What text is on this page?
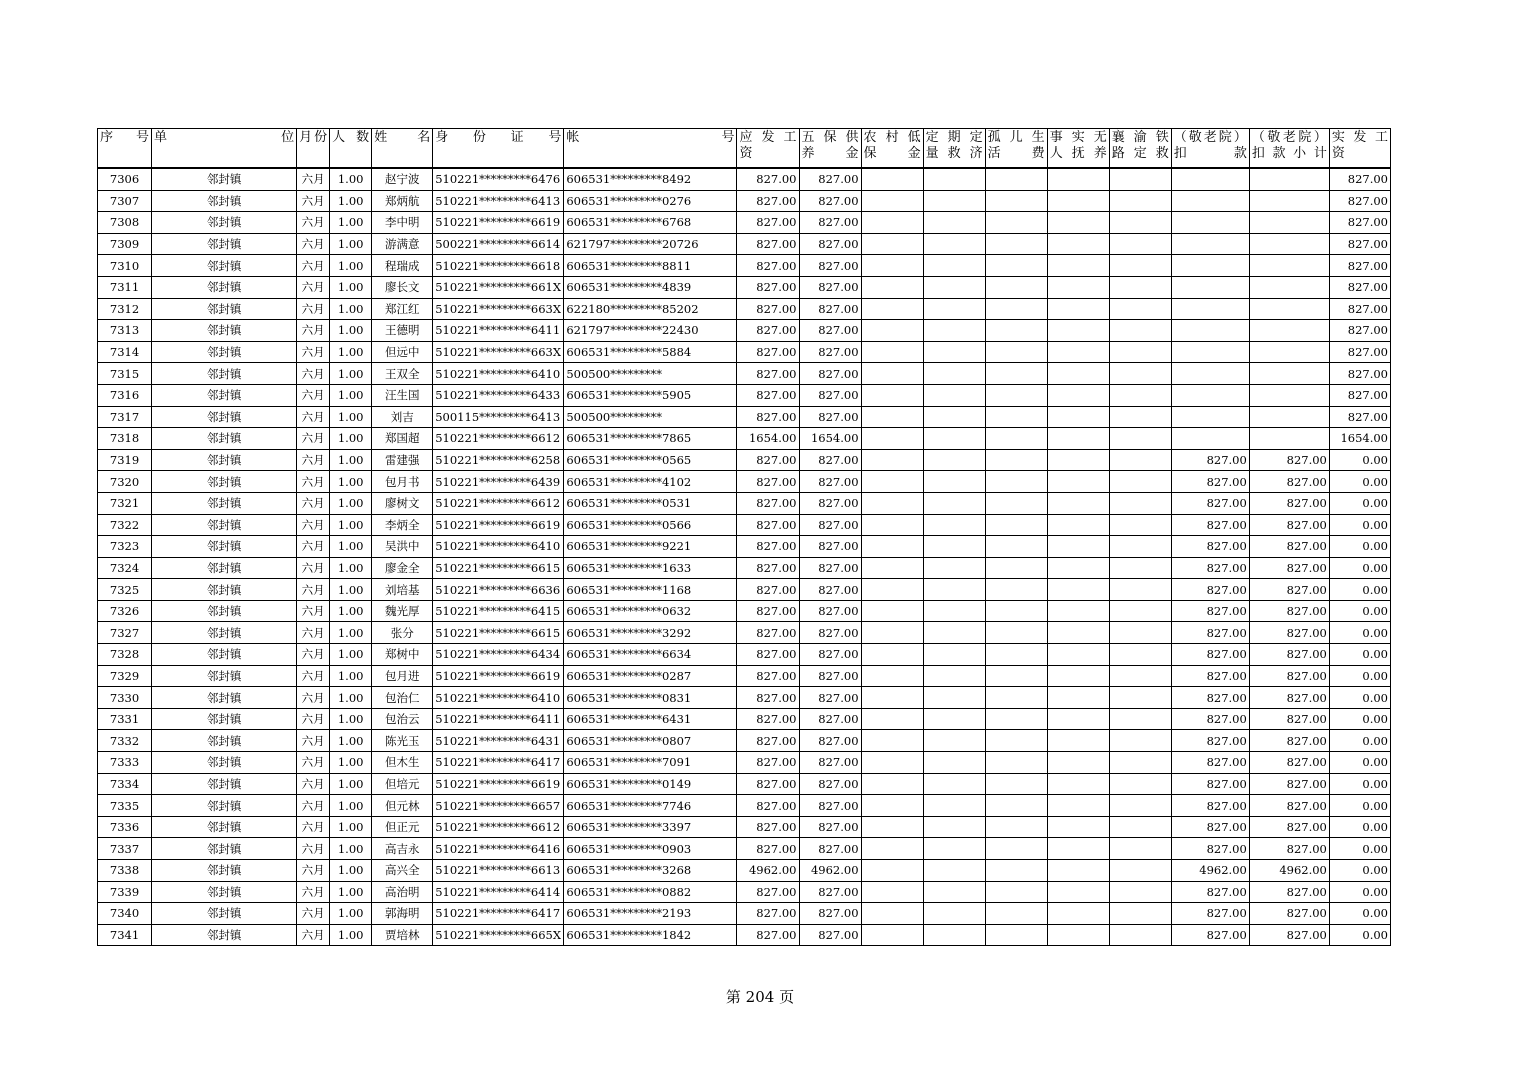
序　号	单　　　　位	月份	人 数	姓　名	身　份　证　号	帐　　　　号	应 发 工 资	五 保 供 养 金	农 村 低 保 金	定 期 定 量 救 济	孤 儿 生 活 费	事 实 无 人 抚 养	襄 渝 铁 路 定 救	（敬老院） 扣 款	（敬老院） 扣 款 小 计	实 发 工 资

7306	邻封镇	六月	1.00	赵宁波	510221*********6476	606531*********8492	827.00	827.00								827.00
7307	邻封镇	六月	1.00	郑炳航	510221*********6413	606531*********0276	827.00	827.00								827.00
7308	邻封镇	六月	1.00	李中明	510221*********6619	606531*********6768	827.00	827.00								827.00
7309	邻封镇	六月	1.00	游满意	500221*********6614	621797*********20726	827.00	827.00								827.00
7310	邻封镇	六月	1.00	程瑞成	510221*********6618	606531*********8811	827.00	827.00								827.00
7311	邻封镇	六月	1.00	廖长文	510221*********661X	606531*********4839	827.00	827.00								827.00
7312	邻封镇	六月	1.00	郑江红	510221*********663X	622180*********85202	827.00	827.00								827.00
7313	邻封镇	六月	1.00	王德明	510221*********6411	621797*********22430	827.00	827.00								827.00
7314	邻封镇	六月	1.00	但远中	510221*********663X	606531*********5884	827.00	827.00								827.00
7315	邻封镇	六月	1.00	王双全	510221*********6410	500500*********	827.00	827.00								827.00
7316	邻封镇	六月	1.00	汪生国	510221*********6433	606531*********5905	827.00	827.00								827.00
7317	邻封镇	六月	1.00	刘吉	500115*********6413	500500*********	827.00	827.00								827.00
7318	邻封镇	六月	1.00	郑国超	510221*********6612	606531*********7865	1654.00	1654.00								1654.00
7319	邻封镇	六月	1.00	雷建强	510221*********6258	606531*********0565	827.00	827.00						827.00	827.00	0.00
7320	邻封镇	六月	1.00	包月书	510221*********6439	606531*********4102	827.00	827.00						827.00	827.00	0.00
7321	邻封镇	六月	1.00	廖树文	510221*********6612	606531*********0531	827.00	827.00						827.00	827.00	0.00
7322	邻封镇	六月	1.00	李炳全	510221*********6619	606531*********0566	827.00	827.00						827.00	827.00	0.00
7323	邻封镇	六月	1.00	吴洪中	510221*********6410	606531*********9221	827.00	827.00						827.00	827.00	0.00
7324	邻封镇	六月	1.00	廖金全	510221*********6615	606531*********1633	827.00	827.00						827.00	827.00	0.00
7325	邻封镇	六月	1.00	刘培基	510221*********6636	606531*********1168	827.00	827.00						827.00	827.00	0.00
7326	邻封镇	六月	1.00	魏光厚	510221*********6415	606531*********0632	827.00	827.00						827.00	827.00	0.00
7327	邻封镇	六月	1.00	张分	510221*********6615	606531*********3292	827.00	827.00						827.00	827.00	0.00
7328	邻封镇	六月	1.00	郑树中	510221*********6434	606531*********6634	827.00	827.00						827.00	827.00	0.00
7329	邻封镇	六月	1.00	包月进	510221*********6619	606531*********0287	827.00	827.00						827.00	827.00	0.00
7330	邻封镇	六月	1.00	包治仁	510221*********6410	606531*********0831	827.00	827.00						827.00	827.00	0.00
7331	邻封镇	六月	1.00	包治云	510221*********6411	606531*********6431	827.00	827.00						827.00	827.00	0.00
7332	邻封镇	六月	1.00	陈光玉	510221*********6431	606531*********0807	827.00	827.00						827.00	827.00	0.00
7333	邻封镇	六月	1.00	但木生	510221*********6417	606531*********7091	827.00	827.00						827.00	827.00	0.00
7334	邻封镇	六月	1.00	但培元	510221*********6619	606531*********0149	827.00	827.00						827.00	827.00	0.00
7335	邻封镇	六月	1.00	但元林	510221*********6657	606531*********7746	827.00	827.00						827.00	827.00	0.00
7336	邻封镇	六月	1.00	但正元	510221*********6612	606531*********3397	827.00	827.00						827.00	827.00	0.00
7337	邻封镇	六月	1.00	高吉永	510221*********6416	606531*********0903	827.00	827.00						827.00	827.00	0.00
7338	邻封镇	六月	1.00	高兴全	510221*********6613	606531*********3268	4962.00	4962.00						4962.00	4962.00	0.00
7339	邻封镇	六月	1.00	高治明	510221*********6414	606531*********0882	827.00	827.00						827.00	827.00	0.00
7340	邻封镇	六月	1.00	郭海明	510221*********6417	606531*********2193	827.00	827.00						827.00	827.00	0.00
7341	邻封镇	六月	1.00	贾培林	510221*********665X	606531*********1842	827.00	827.00						827.00	827.00	0.00
第 204 页
